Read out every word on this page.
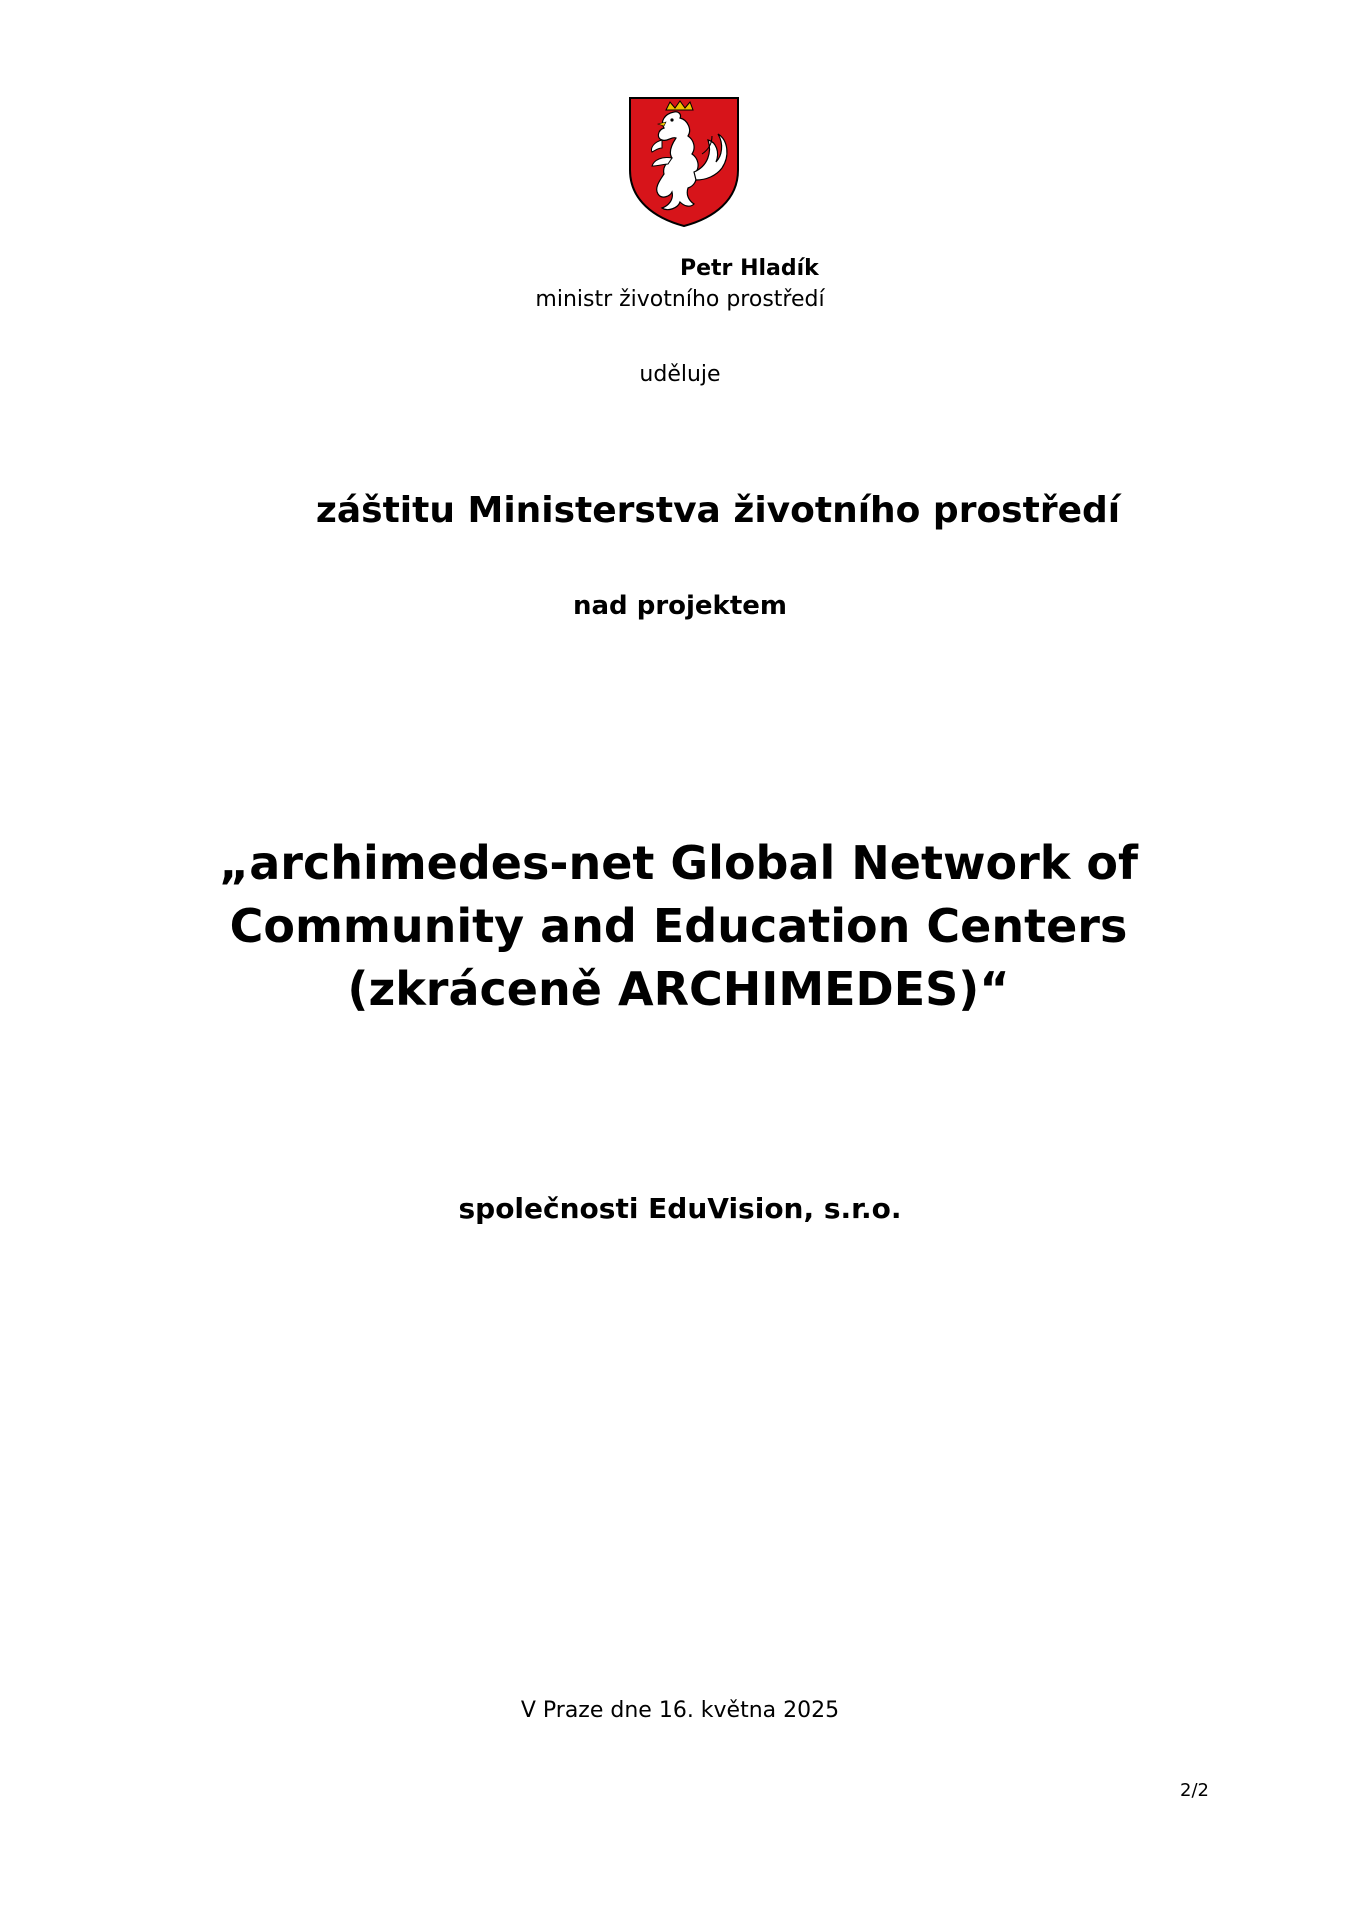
Petr Hladík
ministr životního prostředí
uděluje
záštitu Ministerstva životního prostředí
nad projektem
„archimedes-net Global Network of
Community and Education Centers
(zkráceně ARCHIMEDES)“
společnosti EduVision, s.r.o.
V Praze dne 16. května 2025
2/2
